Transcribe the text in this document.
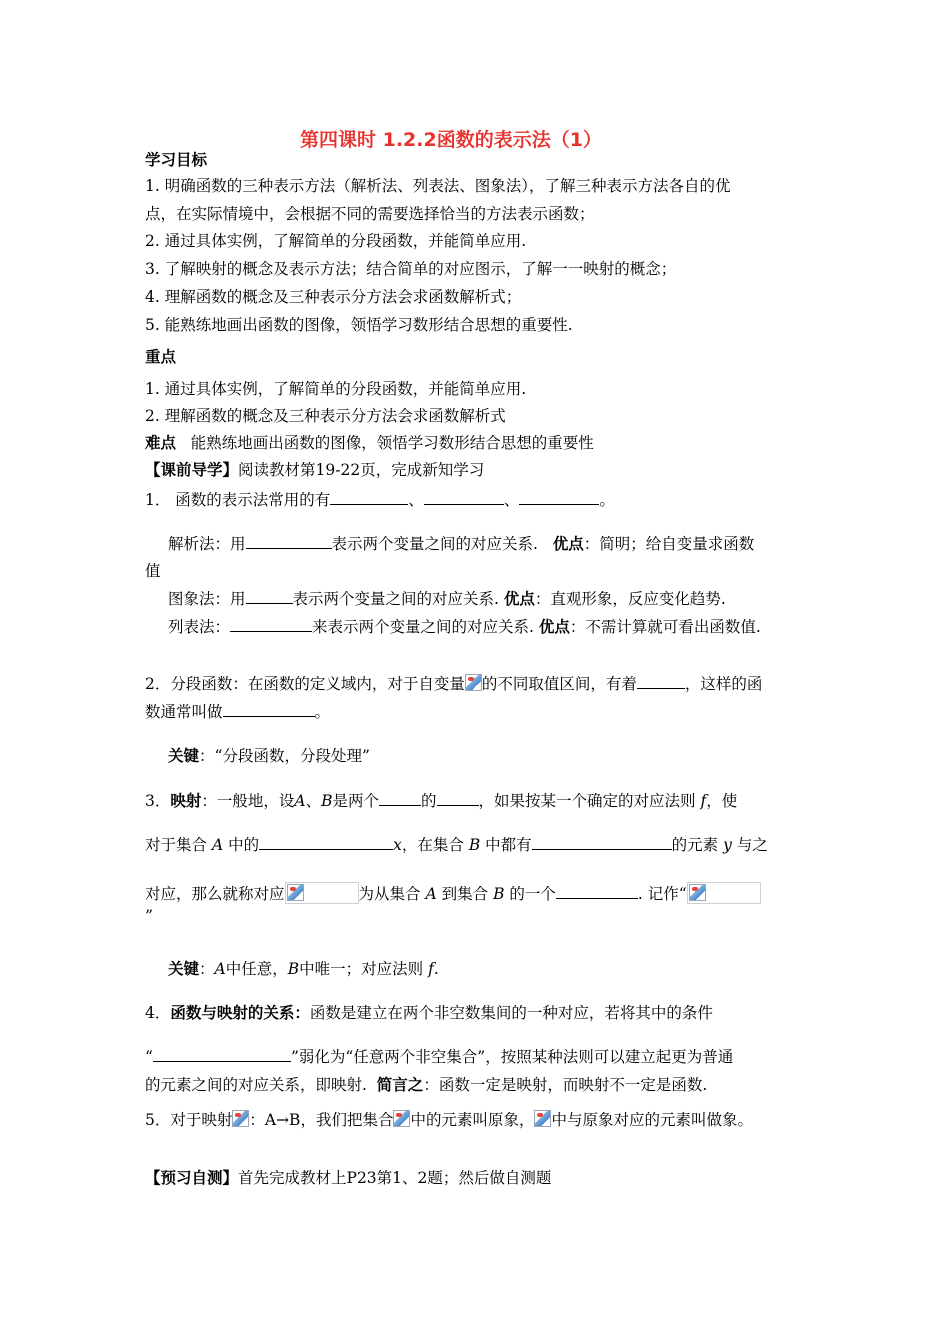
第四课时 1.2.2函数的表示法（1）
学习目标
1. 明确函数的三种表示方法（解析法、列表法、图象法），了解三种表示方法各自的优
点，在实际情境中，会根据不同的需要选择恰当的方法表示函数；
2. 通过具体实例，了解简单的分段函数，并能简单应用.
3. 了解映射的概念及表示方法；结合简单的对应图示，了解一一映射的概念；
4. 理解函数的概念及三种表示分方法会求函数解析式；
5. 能熟练地画出函数的图像，领悟学习数形结合思想的重要性.
重点
1. 通过具体实例，了解简单的分段函数，并能简单应用.
2. 理解函数的概念及三种表示分方法会求函数解析式
难点 能熟练地画出函数的图像，领悟学习数形结合思想的重要性
【课前导学】阅读教材第19-22页，完成新知学习
1． 函数的表示法常用的有	、	、	。
解析法：用	表示两个变量之间的对应关系. 优点：简明；给自变量求函数
值
图象法：用	表示两个变量之间的对应关系. 优点：直观形象，反应变化趋势.
列表法：	来表示两个变量之间的对应关系. 优点：不需计算就可看出函数值.
2．分段函数：在函数的定义域内，对于自变量 的不同取值区间，有着	，这样的函
数通常叫做	。
关键：“分段函数，分段处理”
3．映射：一般地，设A、B是两个	的	，如果按某一个确定的对应法则 f，使
对于集合 A 中的	x，在集合 B 中都有	的元素 y 与之
对应，那么就称对应	为从集合 A 到集合 B 的一个	. 记作“
”
关键：A中任意，B中唯一；对应法则 f.
4．函数与映射的关系：函数是建立在两个非空数集间的一种对应，若将其中的条件
“	”弱化为“任意两个非空集合”，按照某种法则可以建立起更为普通
的元素之间的对应关系，即映射. 简言之：函数一定是映射，而映射不一定是函数.
5．对于映射 ：A→B，我们把集合 中的元素叫原象， 中与原象对应的元素叫做象。
【预习自测】首先完成教材上P23第1、2题；然后做自测题
